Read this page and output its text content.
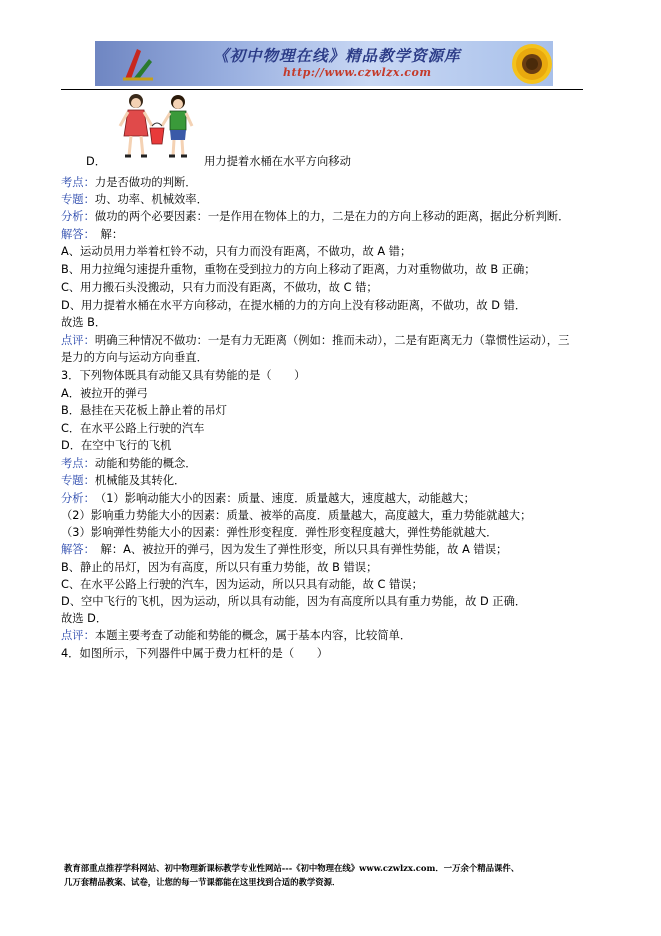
《初中物理在线》精品教学资源库
http://www.czwlzx.com
D．	用力提着水桶在水平方向移动
考点：力是否做功的判断．
专题：功、功率、机械效率．
分析：做功的两个必要因素：一是作用在物体上的力，二是在力的方向上移动的距离，据此分析判断．
解答：　解：
A、运动员用力举着杠铃不动，只有力而没有距离，不做功，故 A 错；
B、用力拉绳匀速提升重物，重物在受到拉力的方向上移动了距离，力对重物做功，故 B 正确；
C、用力搬石头没搬动，只有力而没有距离，不做功，故 C 错；
D、用力提着水桶在水平方向移动，在提水桶的力的方向上没有移动距离，不做功，故 D 错．
故选 B．
点评：明确三种情况不做功：一是有力无距离（例如：推而未动），二是有距离无力（靠惯性运动），三
是力的方向与运动方向垂直．
3．下列物体既具有动能又具有势能的是（　　）
A．被拉开的弹弓
B．悬挂在天花板上静止着的吊灯
C．在水平公路上行驶的汽车
D．在空中飞行的飞机
考点：动能和势能的概念．
专题：机械能及其转化．
分析：　（1）影响动能大小的因素：质量、速度．质量越大，速度越大，动能越大；
（2）影响重力势能大小的因素：质量、被举的高度．质量越大，高度越大，重力势能就越大；
（3）影响弹性势能大小的因素：弹性形变程度．弹性形变程度越大，弹性势能就越大．
解答：　解：A、被拉开的弹弓，因为发生了弹性形变，所以只具有弹性势能，故 A 错误；
B、静止的吊灯，因为有高度，所以只有重力势能，故 B 错误；
C、在水平公路上行驶的汽车，因为运动，所以只具有动能，故 C 错误；
D、空中飞行的飞机，因为运动，所以具有动能，因为有高度所以具有重力势能，故 D 正确．
故选 D．
点评：本题主要考查了动能和势能的概念，属于基本内容，比较简单．
4．如图所示，下列器件中属于费力杠杆的是（　　）
教育部重点推荐学科网站、初中物理新课标教学专业性网站---《初中物理在线》www.czwlzx.com．一万余个精品课件、
几万套精品教案、试卷，让您的每一节课都能在这里找到合适的教学资源．
